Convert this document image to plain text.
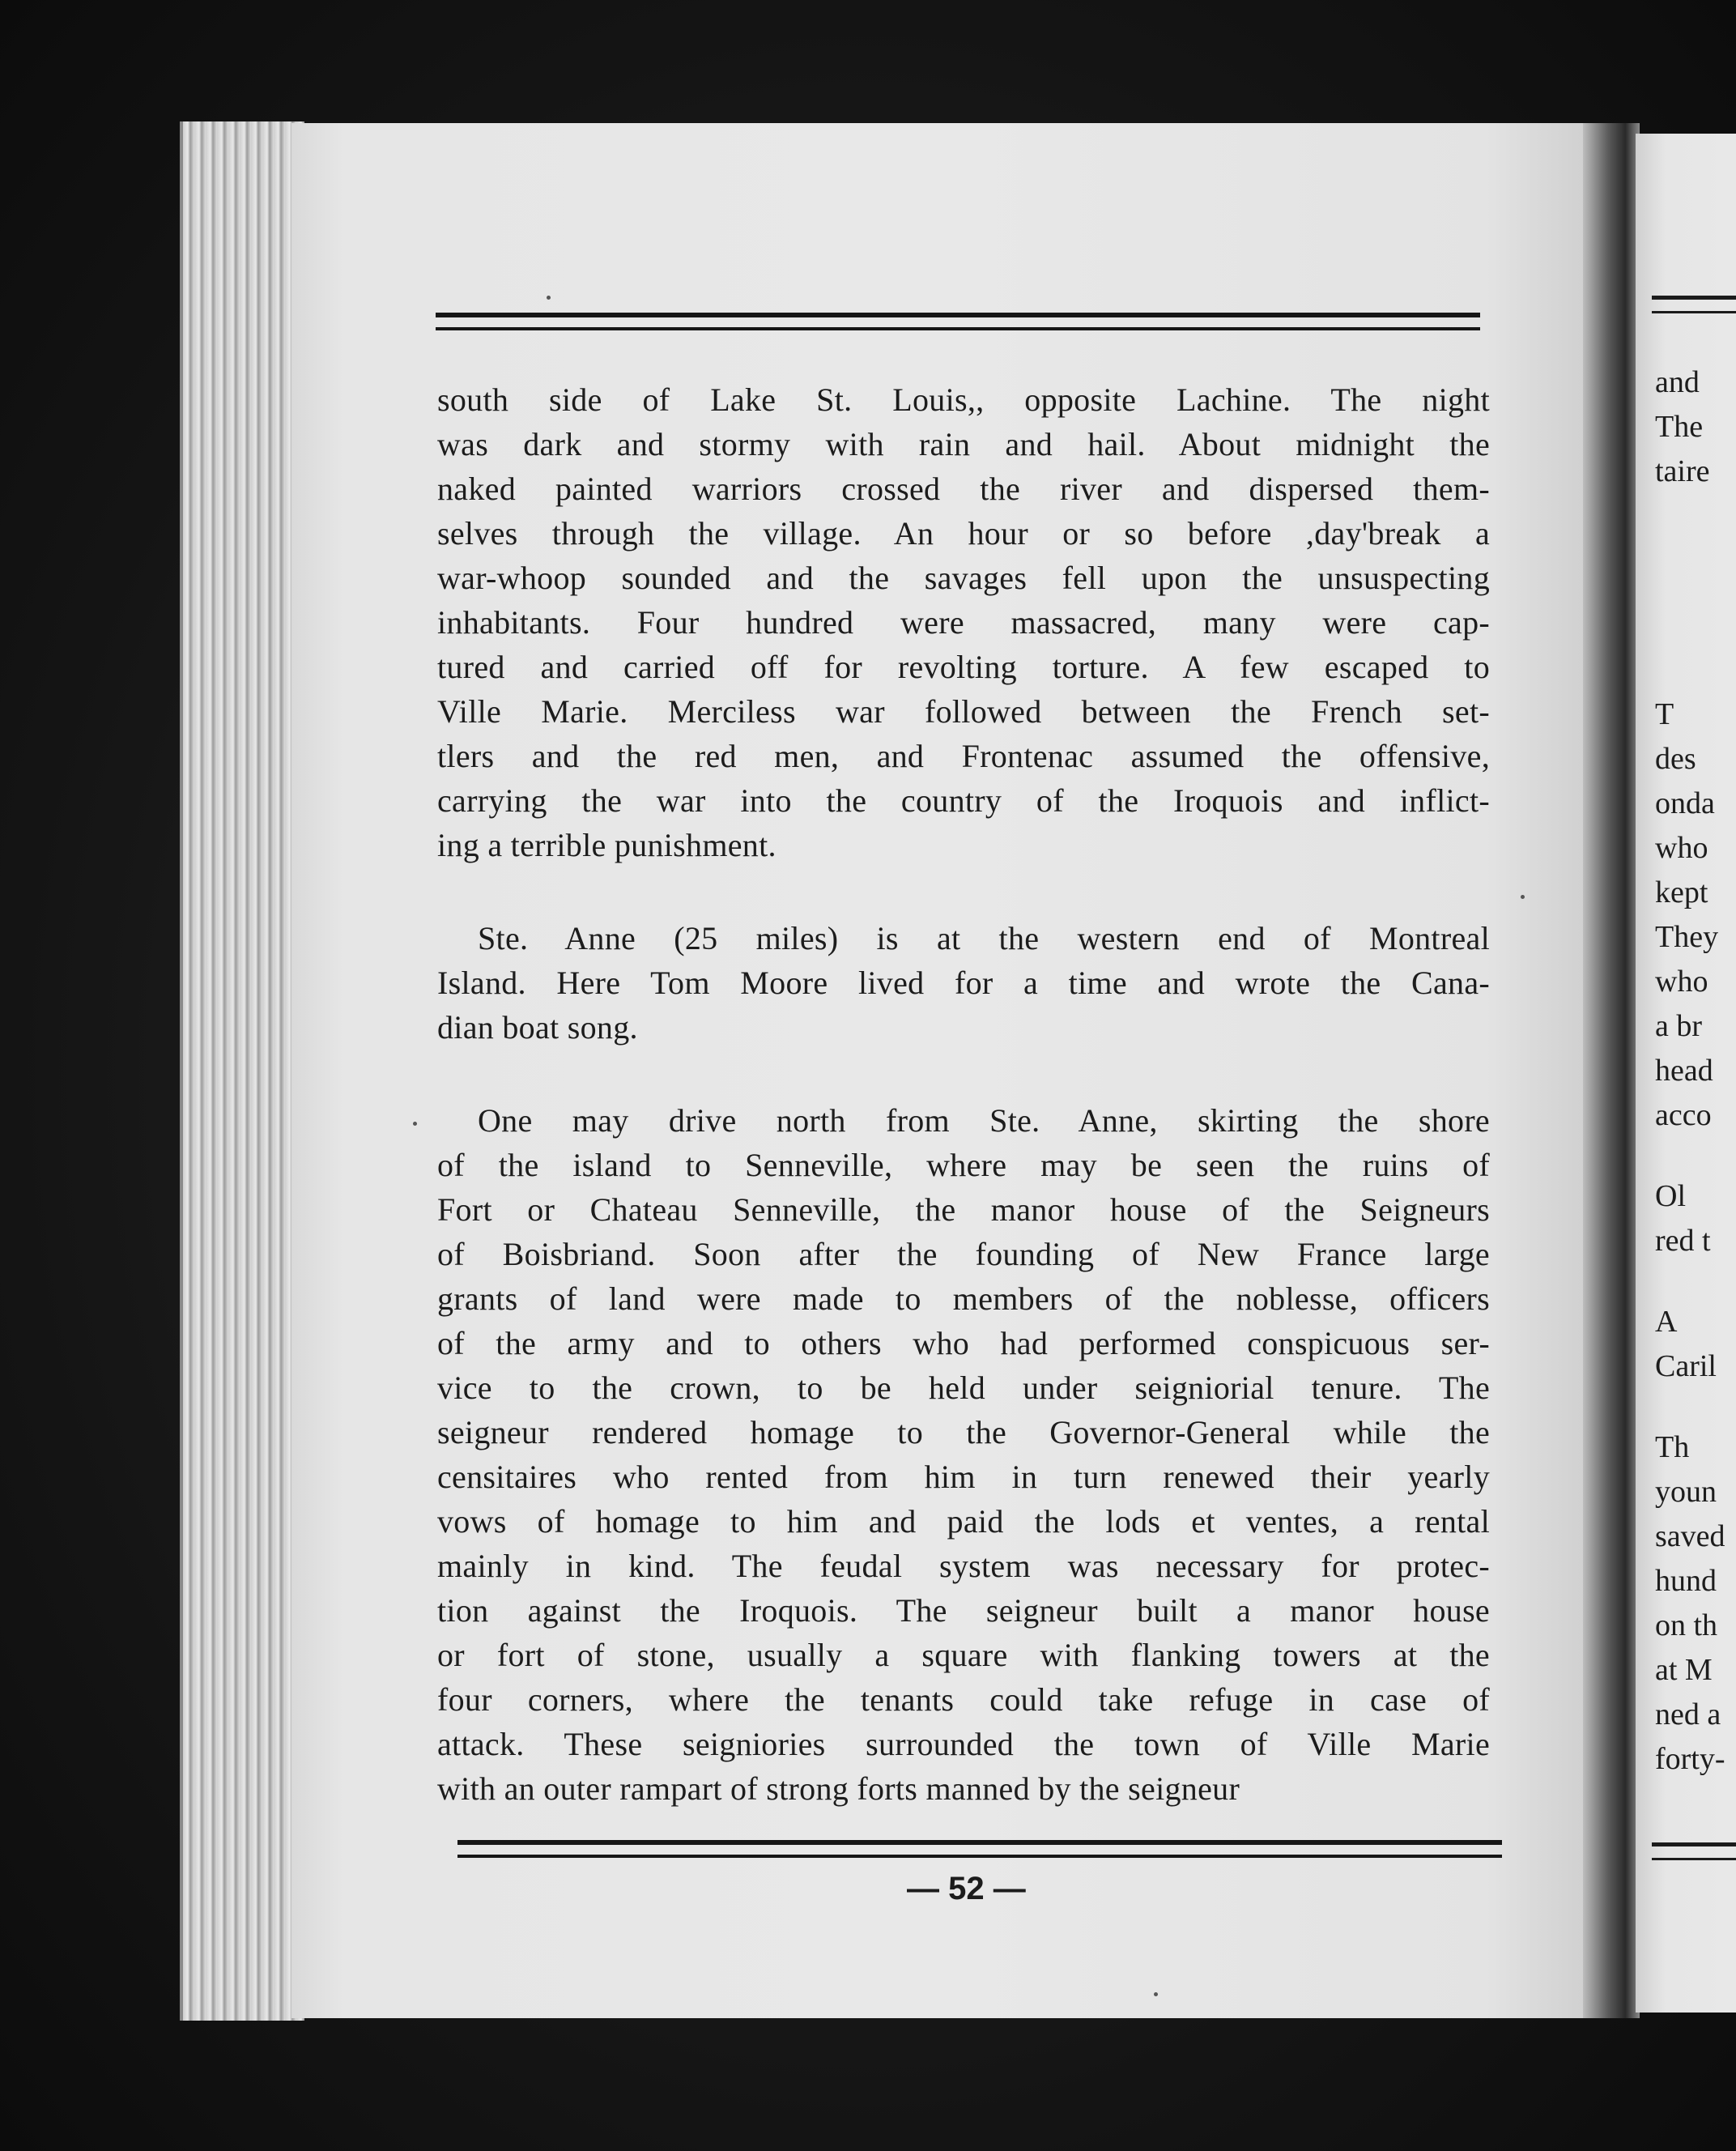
and
The
taire
T
des
onda
who
kept
They
who
a br
head
acco
Ol
red t
A
Caril
Th
youn
saved
hund
on th
at M
ned a
forty-
south side of Lake St. Louis,, opposite Lachine. The night
was dark and stormy with rain and hail. About midnight the
naked painted warriors crossed the river and dispersed them-
selves through the village. An hour or so before ,day'break a
war-whoop sounded and the savages fell upon the unsuspecting
inhabitants. Four hundred were massacred, many were cap-
tured and carried off for revolting torture. A few escaped to
Ville Marie. Merciless war followed between the French set-
tlers and the red men, and Frontenac assumed the offensive,
carrying the war into the country of the Iroquois and inflict-
ing a terrible punishment.
Ste. Anne (25 miles) is at the western end of Montreal
Island. Here Tom Moore lived for a time and wrote the Cana-
dian boat song.
One may drive north from Ste. Anne, skirting the shore
of the island to Senneville, where may be seen the ruins of
Fort or Chateau Senneville, the manor house of the Seigneurs
of Boisbriand. Soon after the founding of New France large
grants of land were made to members of the noblesse, officers
of the army and to others who had performed conspicuous ser-
vice to the crown, to be held under seigniorial tenure. The
seigneur rendered homage to the Governor-General while the
censitaires who rented from him in turn renewed their yearly
vows of homage to him and paid the lods et ventes, a rental
mainly in kind. The feudal system was necessary for protec-
tion against the Iroquois. The seigneur built a manor house
or fort of stone, usually a square with flanking towers at the
four corners, where the tenants could take refuge in case of
attack. These seigniories surrounded the town of Ville Marie
with an outer rampart of strong forts manned by the seigneur
— 52 —
